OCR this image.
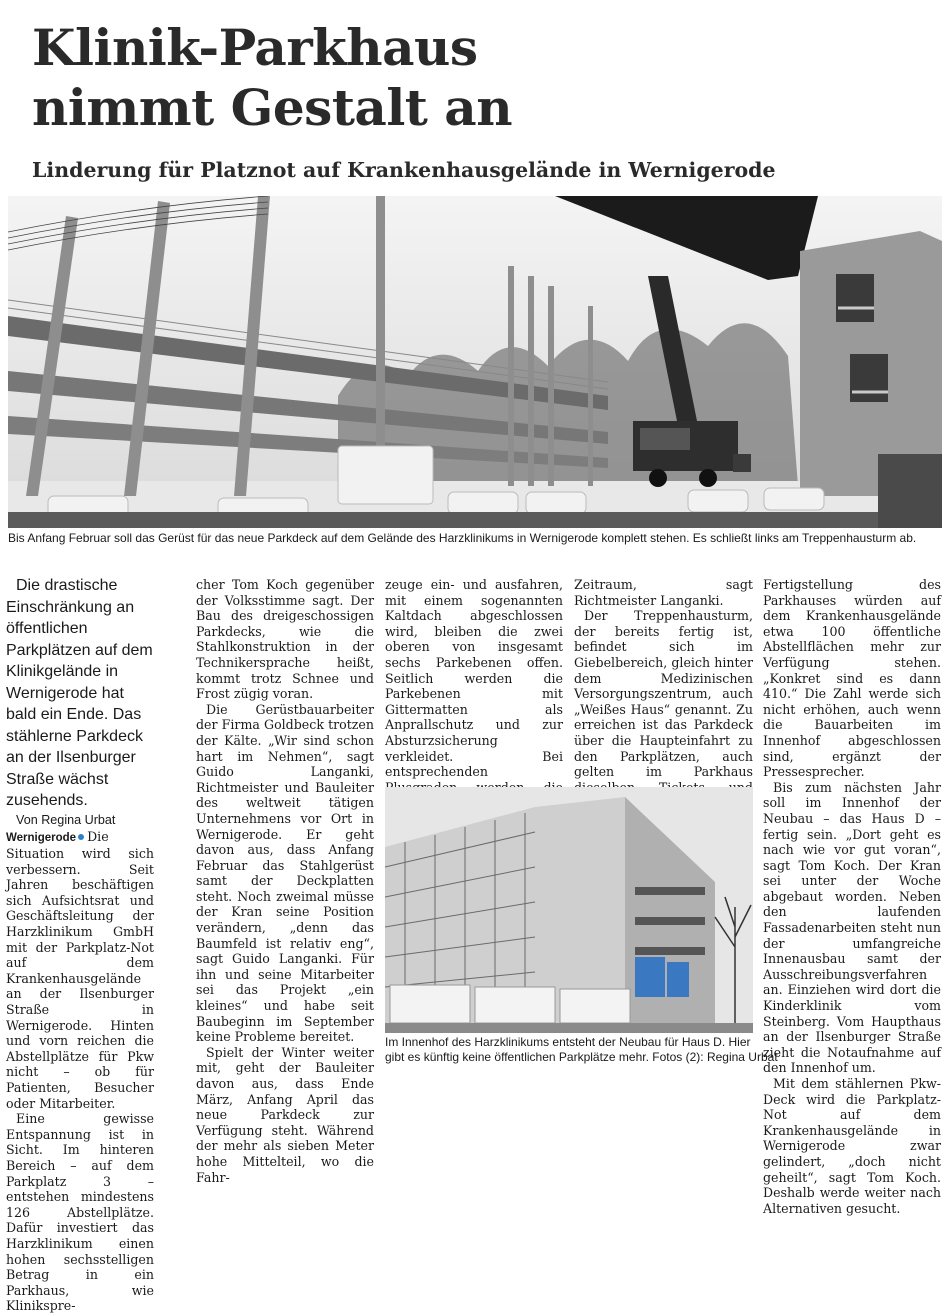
Klinik-Parkhaus
nimmt Gestalt an
Linderung für Platznot auf Krankenhausgelände in Wernigerode
Bis Anfang Februar soll das Gerüst für das neue Parkdeck auf dem Gelände des Harzklinikums in Wernigerode komplett stehen. Es schließt links am Treppenhausturm ab.

Die drastische Einschränkung an öffentlichen Parkplätzen auf dem Klinikgelände in Wernigerode hat bald ein Ende. Das stählerne Parkdeck an der Ilsenburger Straße wächst zusehends.

Von Regina Urbat

Wernigerode Die Situation wird sich verbessern. Seit Jahren beschäftigen sich Aufsichtsrat und Geschäftsleitung der Harzklinikum GmbH mit der Parkplatz-Not auf dem Krankenhausgelände an der Ilsenburger Straße in Wernigerode. Hinten und vorn reichen die Abstellplätze für Pkw nicht – ob für Patienten, Besucher oder Mitarbeiter.

Eine gewisse Entspannung ist in Sicht. Im hinteren Bereich – auf dem Parkplatz 3 – entstehen mindestens 126 Abstellplätze. Dafür investiert das Harzklinikum einen hohen sechsstelligen Betrag in ein Parkhaus, wie Klinikspre-

cher Tom Koch gegenüber der Volksstimme sagt. Der Bau des dreigeschossigen Parkdecks, wie die Stahlkonstruktion in der Technikersprache heißt, kommt trotz Schnee und Frost zügig voran.

Die Gerüstbauarbeiter der Firma Goldbeck trotzen der Kälte. „Wir sind schon hart im Nehmen“, sagt Guido Langanki, Richtmeister und Bauleiter des weltweit tätigen Unternehmens vor Ort in Wernigerode. Er geht davon aus, dass Anfang Februar das Stahlgerüst samt der Deckplatten steht. Noch zweimal müsse der Kran seine Position verändern, „denn das Baumfeld ist relativ eng“, sagt Guido Langanki. Für ihn und seine Mitarbeiter sei das Projekt „ein kleines“ und habe seit Baubeginn im September keine Probleme bereitet.

Spielt der Winter weiter mit, geht der Bauleiter davon aus, dass Ende März, Anfang April das neue Parkdeck zur Verfügung steht. Während der mehr als sieben Meter hohe Mittelteil, wo die Fahr-

zeuge ein- und ausfahren, mit einem sogenannten Kaltdach abgeschlossen wird, bleiben die zwei oberen von insgesamt sechs Parkebenen offen. Seitlich werden die Parkebenen mit Gittermatten als Anprallschutz und zur Absturzsicherung verkleidet. Bei entsprechenden

Zeitraum, sagt Richtmeister Langanki.

Der Treppenhausturm, der bereits fertig ist, befindet sich im Giebelbereich, gleich hinter dem Medizinischen Versorgungszentrum, auch „Weißes Haus“ genannt. Zu erreichen ist das Parkdeck über die Haupteinfahrt zu den Parkplätzen, auch gelten im Parkhaus

Fertigstellung des Parkhauses würden auf dem Krankenhausgelände etwa 100 öffentliche Abstellflächen mehr zur Verfügung stehen. „Konkret sind es dann 410.“ Die Zahl werde sich nicht erhöhen, auch wenn die Bauarbeiten im Innenhof abgeschlossen sind, ergänzt der Pressesprecher.

Bis zum nächsten Jahr soll im Innenhof der Neubau – das Haus D – fertig sein. „Dort geht es nach wie vor gut voran“, sagt Tom Koch. Der Kran sei unter der Woche abgebaut worden. Neben den laufenden Fassadenarbeiten steht nun der umfangreiche Innenausbau samt der Ausschreibungsverfahren an. Einziehen wird dort die Kinderklinik vom Steinberg. Vom Haupthaus an der Ilsenburger Straße zieht die Notaufnahme auf den Innenhof um.

Mit dem stählernen Pkw-Deck wird die Parkplatz-Not auf dem Krankenhausgelände in Wernigerode zwar gelindert, „doch nicht geheilt“, sagt Tom Koch. Deshalb werde weiter nach Alternativen gesucht.

Im Innenhof des Harzklinikums entsteht der Neubau für Haus D. Hier

gibt es künftig keine öffentlichen Parkplätze mehr. Fotos (2): Regina Urbat
